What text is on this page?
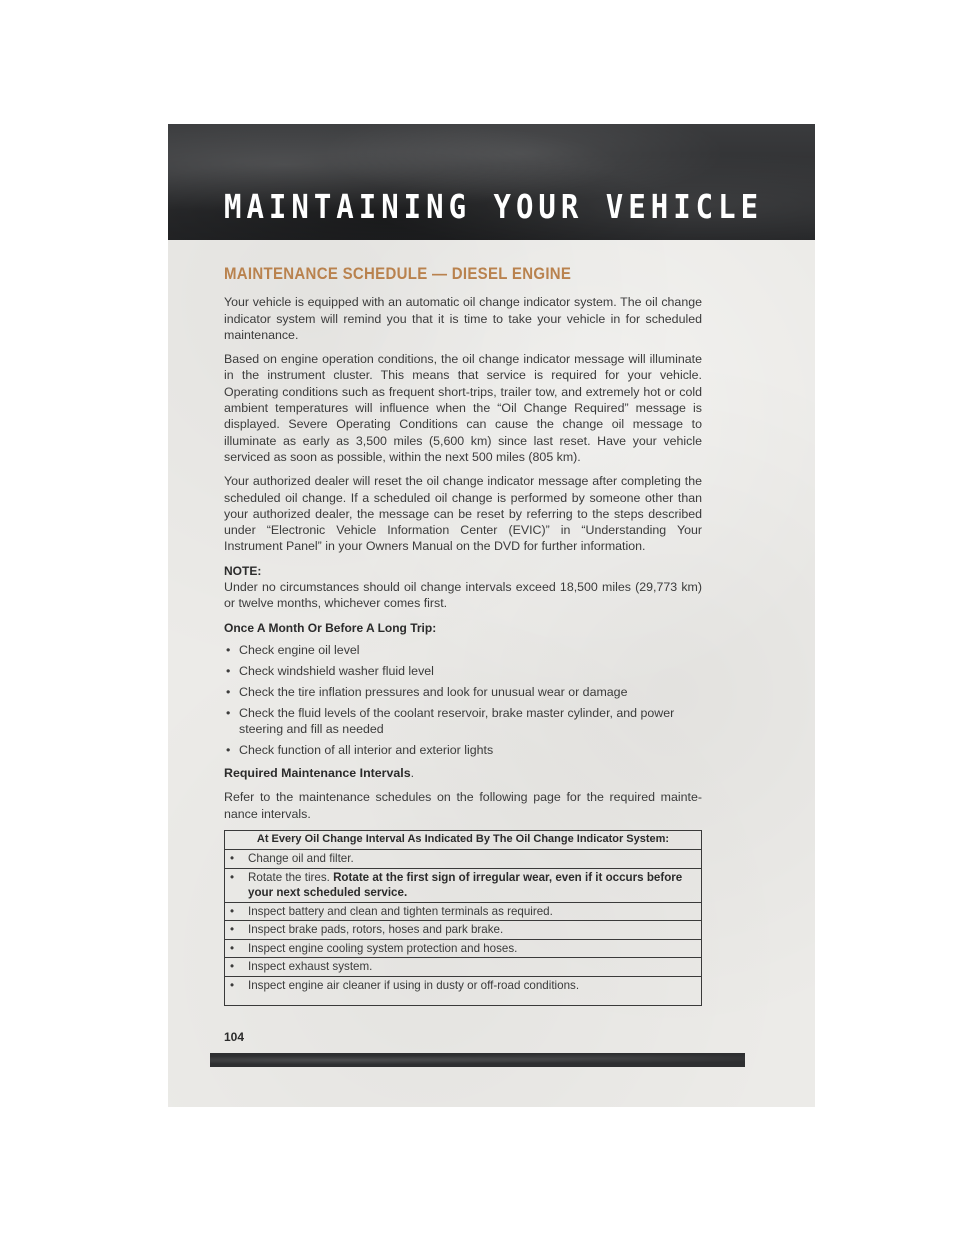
MAINTAINING YOUR VEHICLE
MAINTENANCE SCHEDULE — DIESEL ENGINE

Your vehicle is equipped with an automatic oil change indicator system. The oil change indicator system will remind you that it is time to take your vehicle in for scheduled maintenance.

Based on engine operation conditions, the oil change indicator message will illuminate in the instrument cluster. This means that service is required for your vehicle. Operating conditions such as frequent short-trips, trailer tow, and extremely hot or cold ambient temperatures will influence when the “Oil Change Required” message is displayed. Severe Operating Conditions can cause the change oil message to illuminate as early as 3,500 miles (5,600 km) since last reset. Have your vehicle serviced as soon as possible, within the next 500 miles (805 km).

Your authorized dealer will reset the oil change indicator message after completing the scheduled oil change. If a scheduled oil change is performed by someone other than your authorized dealer, the message can be reset by referring to the steps described under “Electronic Vehicle Information Center (EVIC)” in “Understanding Your Instrument Panel” in your Owners Manual on the DVD for further information.

NOTE:

Under no circumstances should oil change intervals exceed 18,500 miles (29,773 km) or twelve months, whichever comes first.

Once A Month Or Before A Long Trip:

• Check engine oil level
• Check windshield washer fluid level
• Check the tire inflation pressures and look for unusual wear or damage
• Check the fluid levels of the coolant reservoir, brake master cylinder, and power steering and fill as needed
• Check function of all interior and exterior lights

Required Maintenance Intervals.

Refer to the maintenance schedules on the following page for the required mainte-nance intervals.

At Every Oil Change Interval As Indicated By The Oil Change Indicator System:

• Change oil and filter.

• Rotate the tires. Rotate at the first sign of irregular wear, even if it occurs before your next scheduled service.

• Inspect battery and clean and tighten terminals as required.

• Inspect brake pads, rotors, hoses and park brake.

• Inspect engine cooling system protection and hoses.

• Inspect exhaust system.

• Inspect engine air cleaner if using in dusty or off-road conditions.
104
